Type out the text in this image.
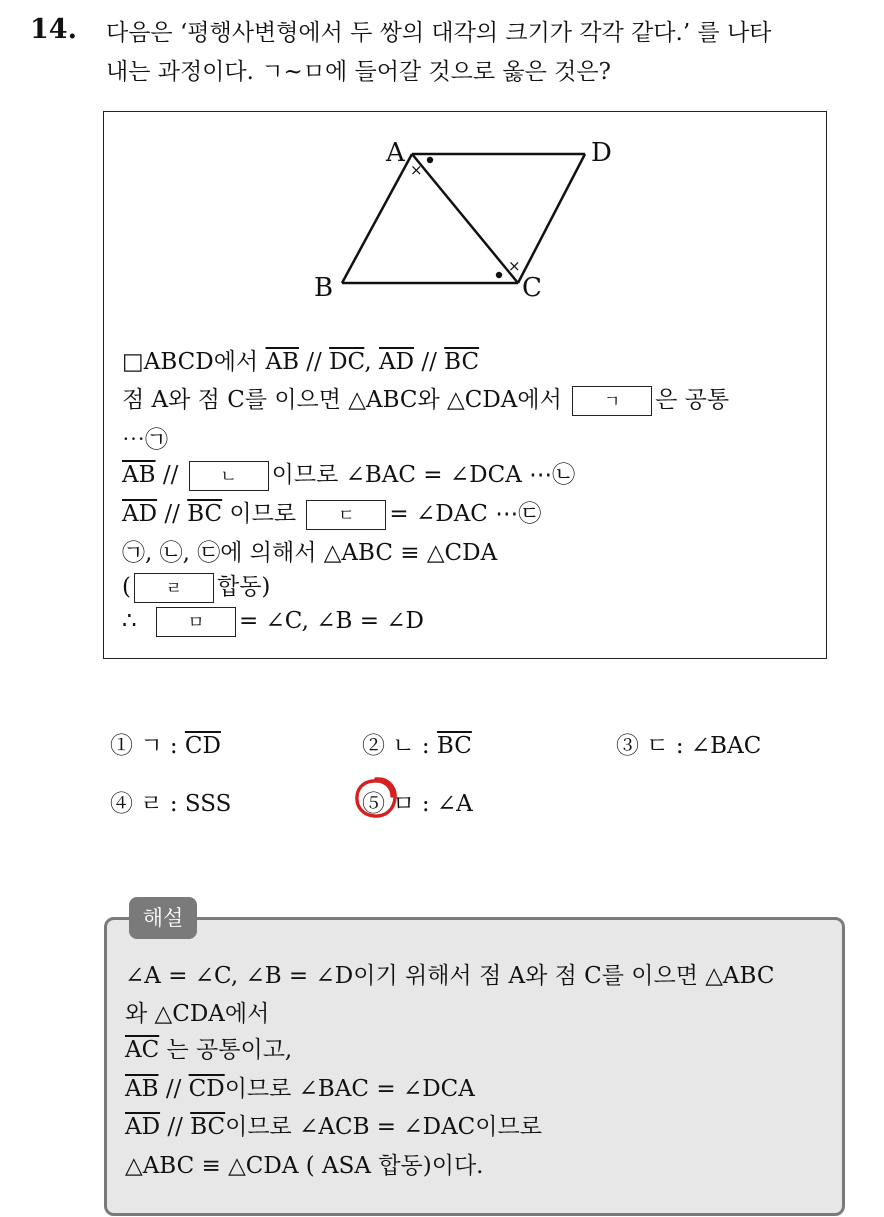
14. 다음은 ‘평행사변형에서 두 쌍의 대각의 크기가 각각 같다.’ 를 나타
내는 과정이다. ㄱ~ㅁ에 들어갈 것으로 옳은 것은?
×
×
A	D
B	C
□ABCD에서 $\overline{AB} // \overline{DC}$, $\overline{AD} // \overline{BC}$
점 A와 점 C를 이으면 △ABC와 △CDA에서 ㄱ 은 공통
⋯㉠
$\overline{AB}$ // ㄴ 이므로 ∠BAC = ∠DCA ⋯㉡
$\overline{AD} // \overline{BC}$ 이므로 ㄷ = ∠DAC ⋯㉢
㉠, ㉡, ㉢에 의해서 △ABC ≡ △CDA
( ㄹ 합동)
∴	ㅁ = ∠C, ∠B = ∠D
① ㄱ : $\overline{CD}$	② ㄴ : $\overline{BC}$	③ ㄷ : ∠BAC
④ ㄹ : SSS	⑤ ㅁ : ∠A
해설
∠A = ∠C, ∠B = ∠D이기 위해서 점 A와 점 C를 이으면 △ABC
와 △CDA에서
$\overline{AC}$ 는 공통이고,
$\overline{AB} // \overline{CD}$이므로 ∠BAC = ∠DCA
$\overline{AD} // \overline{BC}$이므로 ∠ACB = ∠DAC이므로
△ABC ≡ △CDA ( ASA 합동)이다.
